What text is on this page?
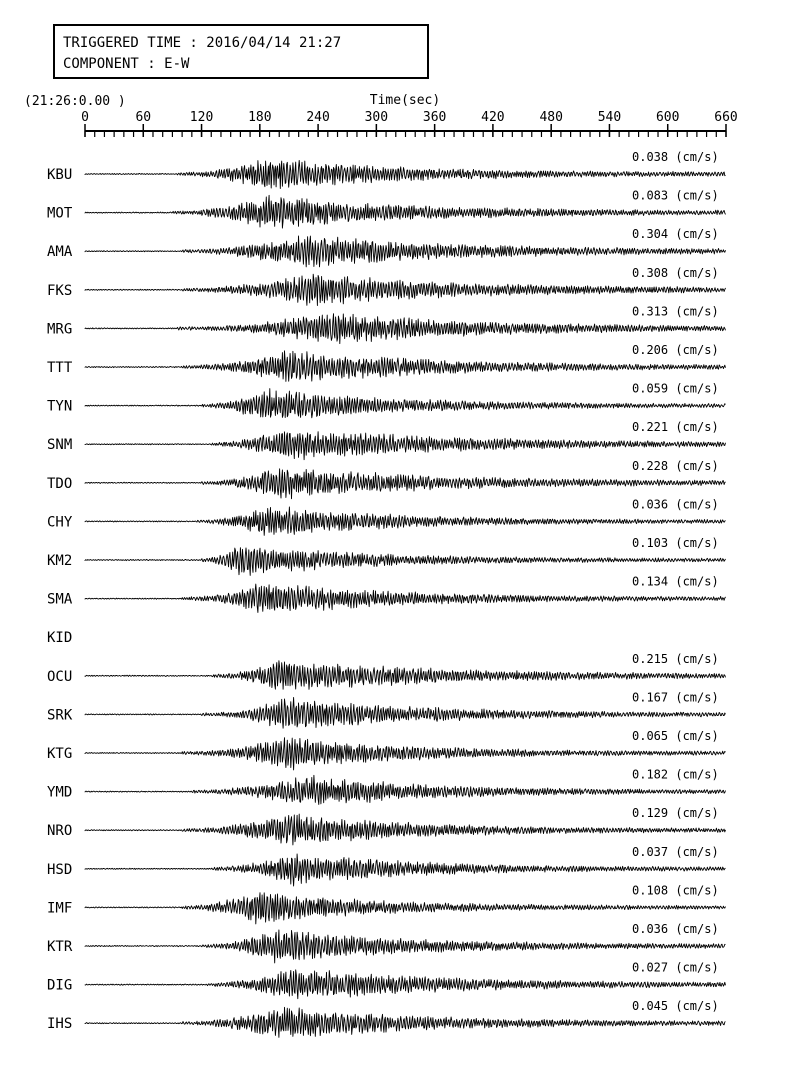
TRIGGERED TIME : 2016/04/14 21:27
COMPONENT : E-W
(21:26:0.00 )	Time(sec)
0	60	120	180	240	300	360	420	480	540	600	660
KBU
0.038 (cm/s)
MOT
0.083 (cm/s)
AMA
0.304 (cm/s)
FKS
0.308 (cm/s)
MRG
0.313 (cm/s)
TTT
0.206 (cm/s)
TYN
0.059 (cm/s)
SNM
0.221 (cm/s)
TDO
0.228 (cm/s)
CHY
0.036 (cm/s)
KM2
0.103 (cm/s)
SMA
0.134 (cm/s)
KID
OCU
0.215 (cm/s)
SRK
0.167 (cm/s)
KTG
0.065 (cm/s)
YMD
0.182 (cm/s)
NRO
0.129 (cm/s)
HSD
0.037 (cm/s)
IMF
0.108 (cm/s)
KTR
0.036 (cm/s)
DIG
0.027 (cm/s)
IHS
0.045 (cm/s)
